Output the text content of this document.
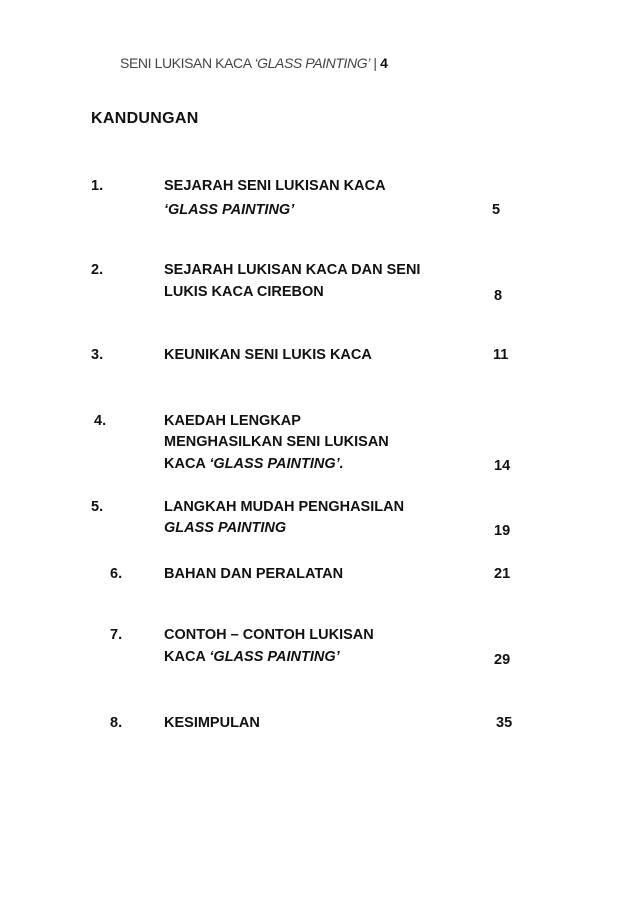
SENI LUKISAN KACA ‘GLASS PAINTING’ | 4
KANDUNGAN
1.	SEJARAH SENI LUKISAN KACA
‘GLASS PAINTING’	5
2.	SEJARAH LUKISAN KACA DAN SENI
LUKIS KACA CIREBON	8
3.	KEUNIKAN SENI LUKIS KACA	11
4.	KAEDAH LENGKAP
MENGHASILKAN SENI LUKISAN
KACA ‘GLASS PAINTING’.	14
5.	LANGKAH MUDAH PENGHASILAN
GLASS PAINTING	19
6.	BAHAN DAN PERALATAN	21
7.	CONTOH – CONTOH LUKISAN
KACA ‘GLASS PAINTING’	29
8.	KESIMPULAN	35
